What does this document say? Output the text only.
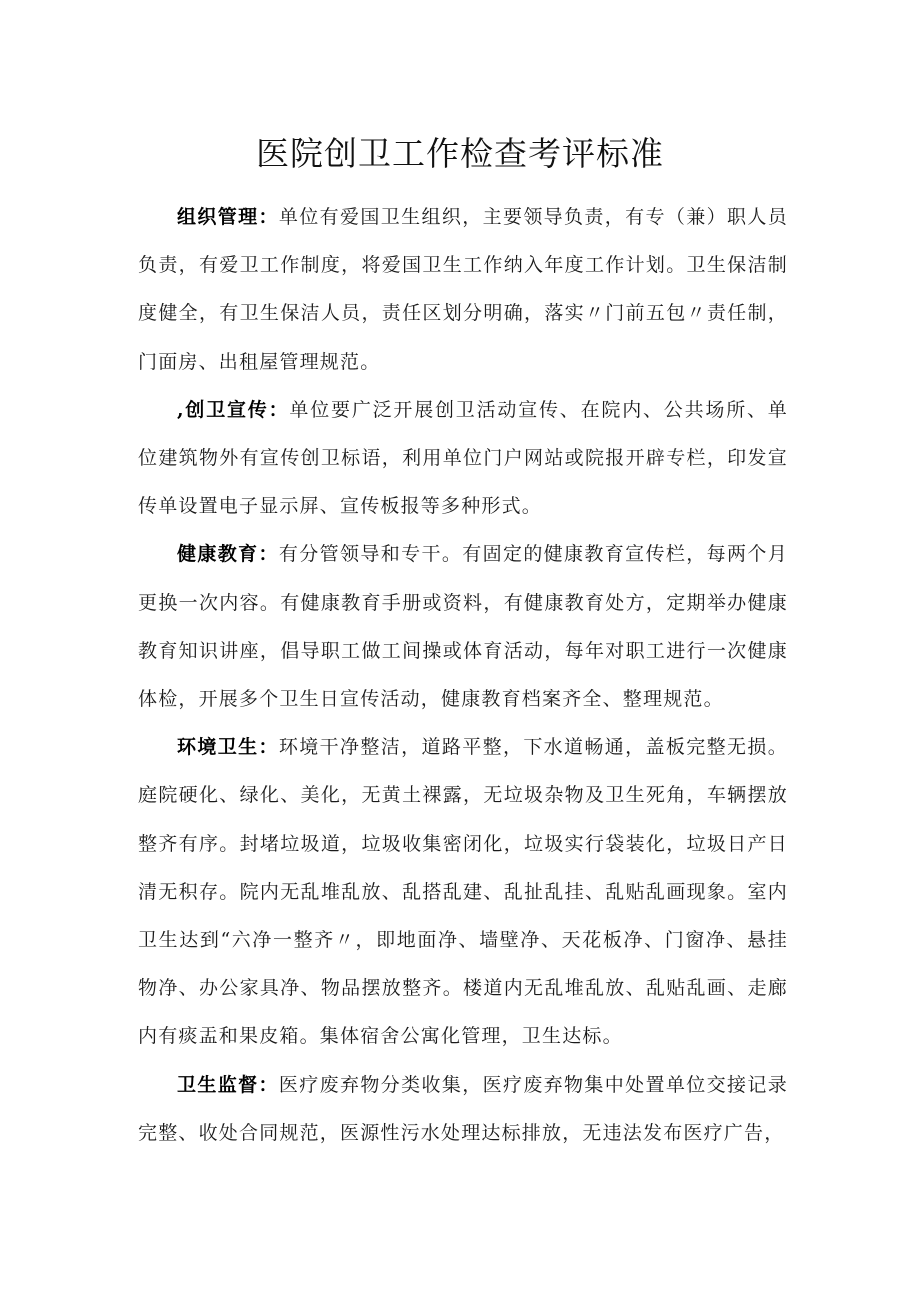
医院创卫工作检查考评标准

组织管理：单位有爱国卫生组织，主要领导负责，有专（兼）职人员负责，有爱卫工作制度，将爱国卫生工作纳入年度工作计划。卫生保洁制度健全，有卫生保洁人员，责任区划分明确，落实〃门前五包〃责任制，门面房、出租屋管理规范。

,创卫宣传：单位要广泛开展创卫活动宣传、在院内、公共场所、单位建筑物外有宣传创卫标语，利用单位门户网站或院报开辟专栏，印发宣传单设置电子显示屏、宣传板报等多种形式。

健康教育：有分管领导和专干。有固定的健康教育宣传栏，每两个月更换一次内容。有健康教育手册或资料，有健康教育处方，定期举办健康教育知识讲座，倡导职工做工间操或体育活动，每年对职工进行一次健康体检，开展多个卫生日宣传活动，健康教育档案齐全、整理规范。

环境卫生：环境干净整洁，道路平整，下水道畅通，盖板完整无损。庭院硬化、绿化、美化，无黄土裸露，无垃圾杂物及卫生死角，车辆摆放整齐有序。封堵垃圾道，垃圾收集密闭化，垃圾实行袋装化，垃圾日产日清无积存。院内无乱堆乱放、乱搭乱建、乱扯乱挂、乱贴乱画现象。室内卫生达到“六净一整齐〃，即地面净、墙壁净、天花板净、门窗净、悬挂物净、办公家具净、物品摆放整齐。楼道内无乱堆乱放、乱贴乱画、走廊内有痰盂和果皮箱。集体宿舍公寓化管理，卫生达标。

卫生监督：医疗废弃物分类收集，医疗废弃物集中处置单位交接记录完整、收处合同规范，医源性污水处理达标排放，无违法发布医疗广告，
